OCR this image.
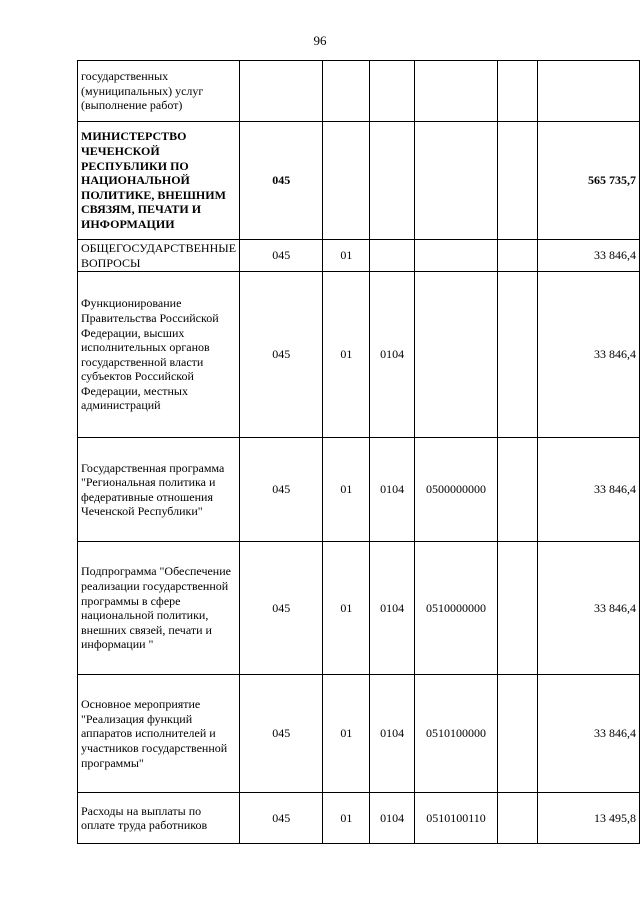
96
государственных (муниципальных) услуг (выполнение работ)						
МИНИСТЕРСТВО ЧЕЧЕНСКОЙ РЕСПУБЛИКИ ПО НАЦИОНАЛЬНОЙ ПОЛИТИКЕ, ВНЕШНИМ СВЯЗЯМ, ПЕЧАТИ И ИНФОРМАЦИИ	045					565 735,7
ОБЩЕГОСУДАРСТВЕННЫЕ ВОПРОСЫ	045	01				33 846,4
Функционирование Правительства Российской Федерации, высших исполнительных органов государственной власти субъектов Российской Федерации, местных администраций	045	01	0104			33 846,4
Государственная программа "Региональная политика и федеративные отношения Чеченской Республики"	045	01	0104	0500000000		33 846,4
Подпрограмма "Обеспечение реализации государственной программы в сфере национальной политики, внешних связей, печати и информации "	045	01	0104	0510000000		33 846,4
Основное мероприятие "Реализация функций аппаратов исполнителей и участников государственной программы"	045	01	0104	0510100000		33 846,4
Расходы на выплаты по оплате труда работников	045	01	0104	0510100110		13 495,8
